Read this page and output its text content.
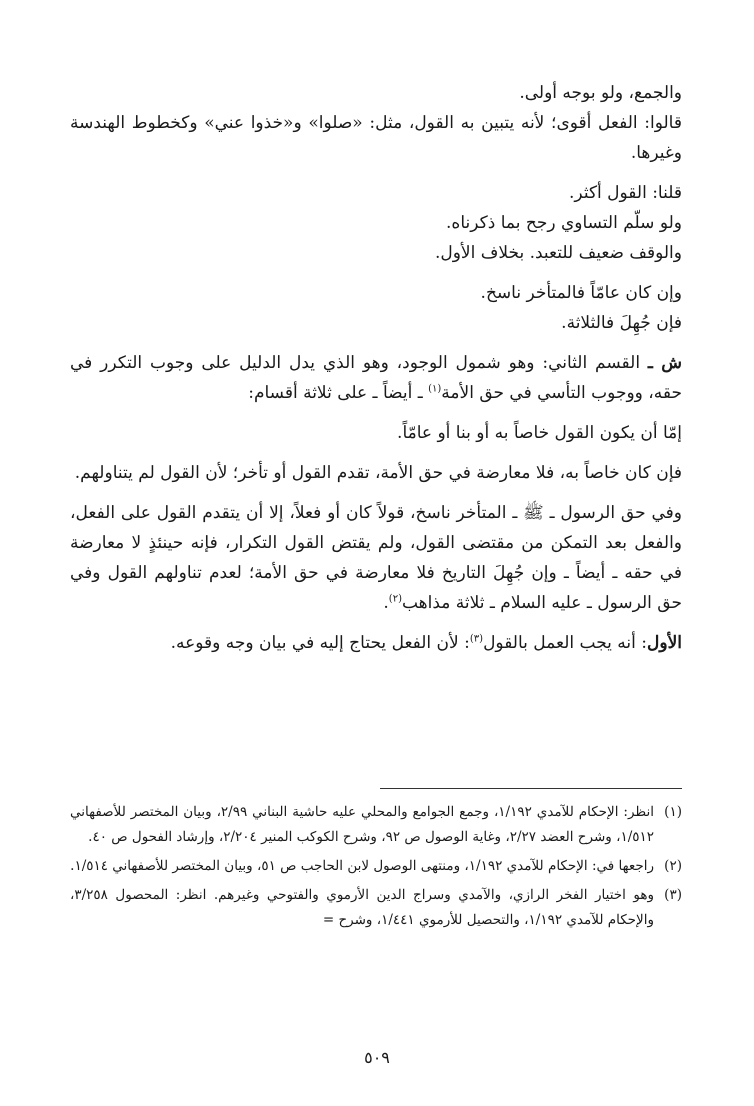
والجمع، ولو بوجه أولى.

قالوا: الفعل أقوى؛ لأنه يتبين به القول، مثل: «صلوا» و«خذوا عني» وكخطوط الهندسة وغيرها.

قلنا: القول أكثر.

ولو سلّم التساوي رجح بما ذكرناه.

والوقف ضعيف للتعبد. بخلاف الأول.

وإن كان عامّاً فالمتأخر ناسخ.

فإن جُهِلَ فالثلاثة.

ش ـ القسم الثاني: وهو شمول الوجود، وهو الذي يدل الدليل على وجوب التكرر في حقه، ووجوب التأسي في حق الأمة$^{(١)}$ ـ أيضاً ـ على ثلاثة أقسام:

إمّا أن يكون القول خاصاً به أو بنا أو عامّاً.

فإن كان خاصاً به، فلا معارضة في حق الأمة، تقدم القول أو تأخر؛ لأن القول لم يتناولهم.

وفي حق الرسول ـ ﷺ ـ المتأخر ناسخ، قولاً كان أو فعلاً، إلا أن يتقدم القول على الفعل، والفعل بعد التمكن من مقتضى القول، ولم يقتض القول التكرار، فإنه حينئذٍ لا معارضة في حقه ـ أيضاً ـ وإن جُهِلَ التاريخ فلا معارضة في حق الأمة؛ لعدم تناولهم القول وفي حق الرسول ـ عليه السلام ـ ثلاثة مذاهب$^{(٢)}$.

الأول: أنه يجب العمل بالقول$^{(٣)}$: لأن الفعل يحتاج إليه في بيان وجه وقوعه.

(١)
انظر: الإحكام للآمدي ١/١٩٢، وجمع الجوامع والمحلي عليه حاشية البناني ٢/٩٩، وبيان المختصر للأصفهاني ١/٥١٢، وشرح العضد ٢/٢٧، وغاية الوصول ص ٩٢، وشرح الكوكب المنير ٢/٢٠٤، وإرشاد الفحول ص ٤٠.
(٢)
راجعها في: الإحكام للآمدي ١/١٩٢، ومنتهى الوصول لابن الحاجب ص ٥١، وبيان المختصر للأصفهاني ١/٥١٤.
(٣)
وهو اختيار الفخر الرازي، والآمدي وسراج الدين الأرموي والفتوحي وغيرهم. انظر: المحصول ٣/٢٥٨، والإحكام للآمدي ١/١٩٢، والتحصيل للأرموي ١/٤٤١، وشرح =
٥٠٩
